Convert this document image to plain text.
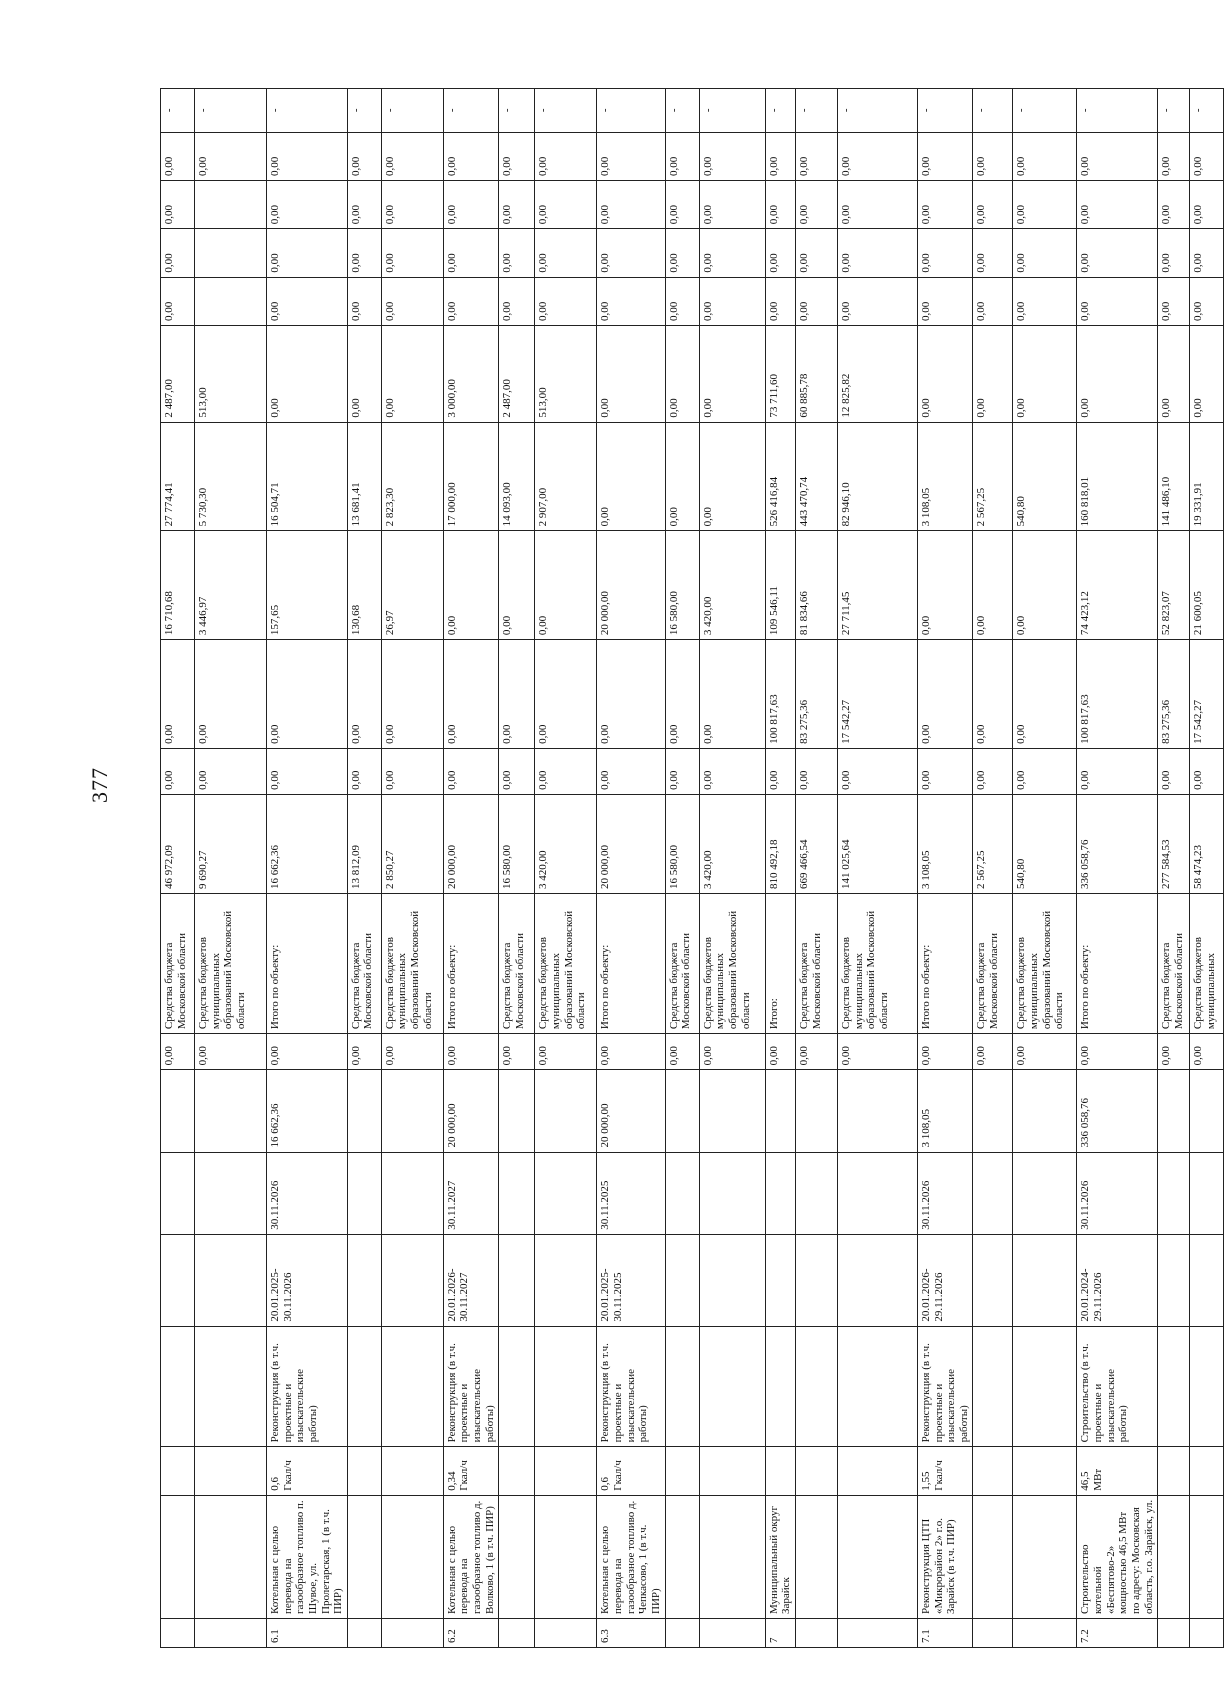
377
							0,00	Средства бюджета Московской области	46 972,09	0,00	0,00	16 710,68	27 774,41	2 487,00	0,00	0,00	0,00	0,00	-
							0,00	Средства бюджетов муниципальных образований Московской области	9 690,27	0,00	0,00	3 446,97	5 730,30	513,00				0,00	-
6.1	Котельная с целью перевода на газообразное топливо п. Шувое, ул. Пролетарская, 1 (в т.ч. ПИР)	0,6 Гкал/ч	Реконструкция (в т.ч. проектные и изыскательские работы)	20.01.2025-30.11.2026	30.11.2026	16 662,36	0,00	Итого по объекту:	16 662,36	0,00	0,00	157,65	16 504,71	0,00	0,00	0,00	0,00	0,00	-
							0,00	Средства бюджета Московской области	13 812,09	0,00	0,00	130,68	13 681,41	0,00	0,00	0,00	0,00	0,00	-
							0,00	Средства бюджетов муниципальных образований Московской области	2 850,27	0,00	0,00	26,97	2 823,30	0,00	0,00	0,00	0,00	0,00	-
6.2	Котельная с целью перевода на газообразное топливо д. Волково, 1 (в т.ч. ПИР)	0,34 Гкал/ч	Реконструкция (в т.ч. проектные и изыскательские работы)	20.01.2026-30.11.2027	30.11.2027	20 000,00	0,00	Итого по объекту:	20 000,00	0,00	0,00	0,00	17 000,00	3 000,00	0,00	0,00	0,00	0,00	-
							0,00	Средства бюджета Московской области	16 580,00	0,00	0,00	0,00	14 093,00	2 487,00	0,00	0,00	0,00	0,00	-
							0,00	Средства бюджетов муниципальных образований Московской области	3 420,00	0,00	0,00	0,00	2 907,00	513,00	0,00	0,00	0,00	0,00	-
6.3	Котельная с целью перевода на газообразное топливо д. Чепкасово, 1 (в т.ч. ПИР)	0,6 Гкал/ч	Реконструкция (в т.ч. проектные и изыскательские работы)	20.01.2025-30.11.2025	30.11.2025	20 000,00	0,00	Итого по объекту:	20 000,00	0,00	0,00	20 000,00	0,00	0,00	0,00	0,00	0,00	0,00	-
							0,00	Средства бюджета Московской области	16 580,00	0,00	0,00	16 580,00	0,00	0,00	0,00	0,00	0,00	0,00	-
							0,00	Средства бюджетов муниципальных образований Московской области	3 420,00	0,00	0,00	3 420,00	0,00	0,00	0,00	0,00	0,00	0,00	-
7	Муниципальный округ Зарайск						0,00	Итого:	810 492,18	0,00	100 817,63	109 546,11	526 416,84	73 711,60	0,00	0,00	0,00	0,00	-
							0,00	Средства бюджета Московской области	669 466,54	0,00	83 275,36	81 834,66	443 470,74	60 885,78	0,00	0,00	0,00	0,00	-
							0,00	Средства бюджетов муниципальных образований Московской области	141 025,64	0,00	17 542,27	27 711,45	82 946,10	12 825,82	0,00	0,00	0,00	0,00	-
7.1	Реконструкция ЦТП «Микрорайон 2» г.о. Зарайск (в т.ч. ПИР)	1,55 Гкал/ч	Реконструкция (в т.ч. проектные и изыскательские работы)	20.01.2026-29.11.2026	30.11.2026	3 108,05	0,00	Итого по объекту:	3 108,05	0,00	0,00	0,00	3 108,05	0,00	0,00	0,00	0,00	0,00	-
							0,00	Средства бюджета Московской области	2 567,25	0,00	0,00	0,00	2 567,25	0,00	0,00	0,00	0,00	0,00	-
							0,00	Средства бюджетов муниципальных образований Московской области	540,80	0,00	0,00	0,00	540,80	0,00	0,00	0,00	0,00	0,00	-
7.2	Строительство котельной «Беспятово-2» мощностью 46,5 МВт по адресу: Московская область, г.о. Зарайск, ул.	46,5 МВт	Строительство (в т.ч. проектные и изыскательские работы)	20.01.2024-29.11.2026	30.11.2026	336 058,76	0,00	Итого по объекту:	336 058,76	0,00	100 817,63	74 423,12	160 818,01	0,00	0,00	0,00	0,00	0,00	-
							0,00	Средства бюджета Московской области	277 584,53	0,00	83 275,36	52 823,07	141 486,10	0,00	0,00	0,00	0,00	0,00	-
							0,00	Средства бюджетов муниципальных	58 474,23	0,00	17 542,27	21 600,05	19 331,91	0,00	0,00	0,00	0,00	0,00	-
